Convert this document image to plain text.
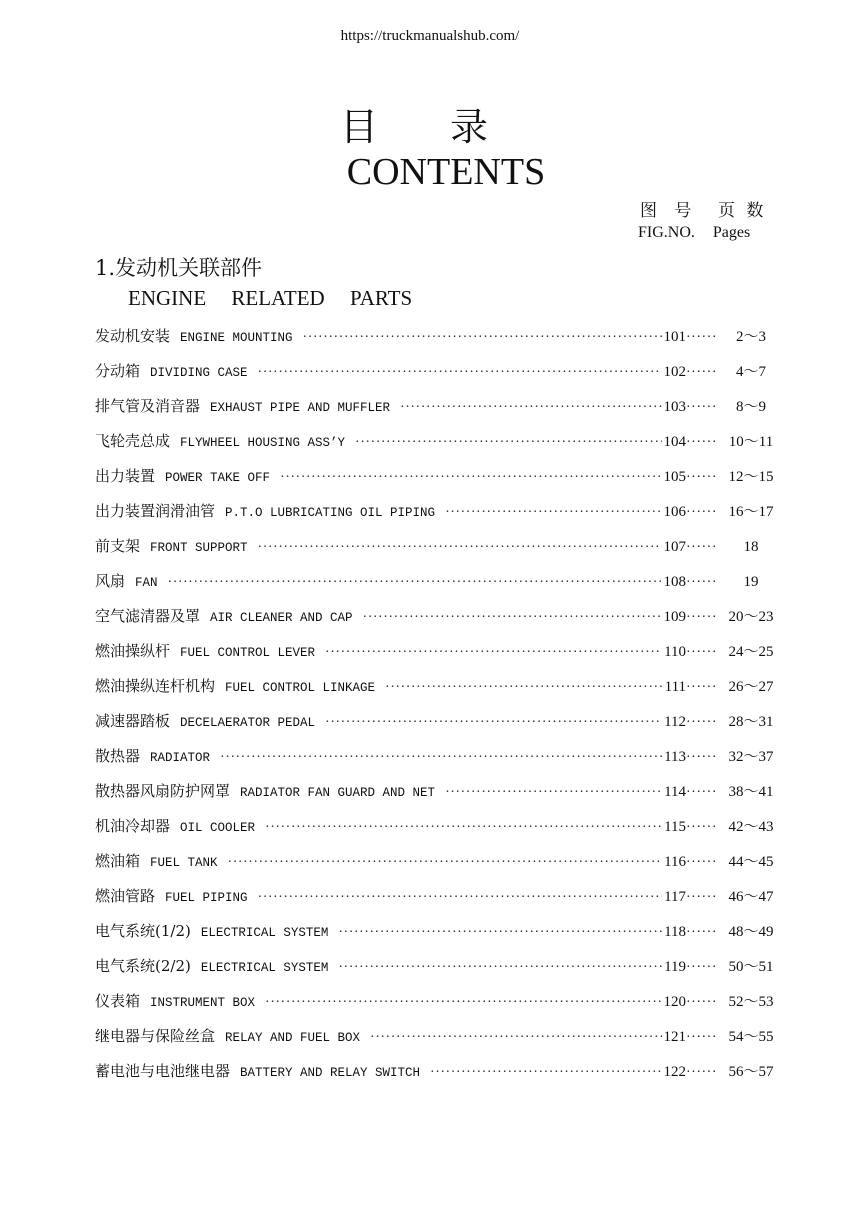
https://truckmanualshub.com/
目录
CONTENTS
图 号 页 数
FIG.NO. Pages
1.发动机关联部件
ENGINE RELATED PARTS
发动机安装 ENGINE MOUNTING ·····	101 ······	2～3
分动箱 DIVIDING CASE ·····	102 ······	4～7
排气管及消音器 EXHAUST PIPE AND MUFFLER ·····	103 ······	8～9
飞轮壳总成 FLYWHEEL HOUSING ASS’Y ·····	104 ······	10～11
出力装置 POWER TAKE OFF ·····	105 ······	12～15
出力装置润滑油管 P.T.O LUBRICATING OIL PIPING ·····	106 ······	16～17
前支架 FRONT SUPPORT ·····	107 ······	18
风扇 FAN ·····	108 ······	19
空气滤清器及罩 AIR CLEANER AND CAP ·····	109 ······	20～23
燃油操纵杆 FUEL CONTROL LEVER ·····	110 ······	24～25
燃油操纵连杆机构 FUEL CONTROL LINKAGE ·····	111 ······	26～27
减速器踏板 DECELAERATOR PEDAL ·····	112 ······	28～31
散热器 RADIATOR ·····	113 ······	32～37
散热器风扇防护网罩 RADIATOR FAN GUARD AND NET ·····	114 ······	38～41
机油冷却器 OIL COOLER ·····	115 ······	42～43
燃油箱 FUEL TANK ·····	116 ······	44～45
燃油管路 FUEL PIPING ·····	117 ······	46～47
电气系统(1/2) ELECTRICAL SYSTEM ·····	118 ······	48～49
电气系统(2/2) ELECTRICAL SYSTEM ·····	119 ······	50～51
仪表箱 INSTRUMENT BOX ·····	120 ······	52～53
继电器与保险丝盒 RELAY AND FUEL BOX ·····	121 ······	54～55
蓄电池与电池继电器 BATTERY AND RELAY SWITCH ·····	122 ······	56～57
